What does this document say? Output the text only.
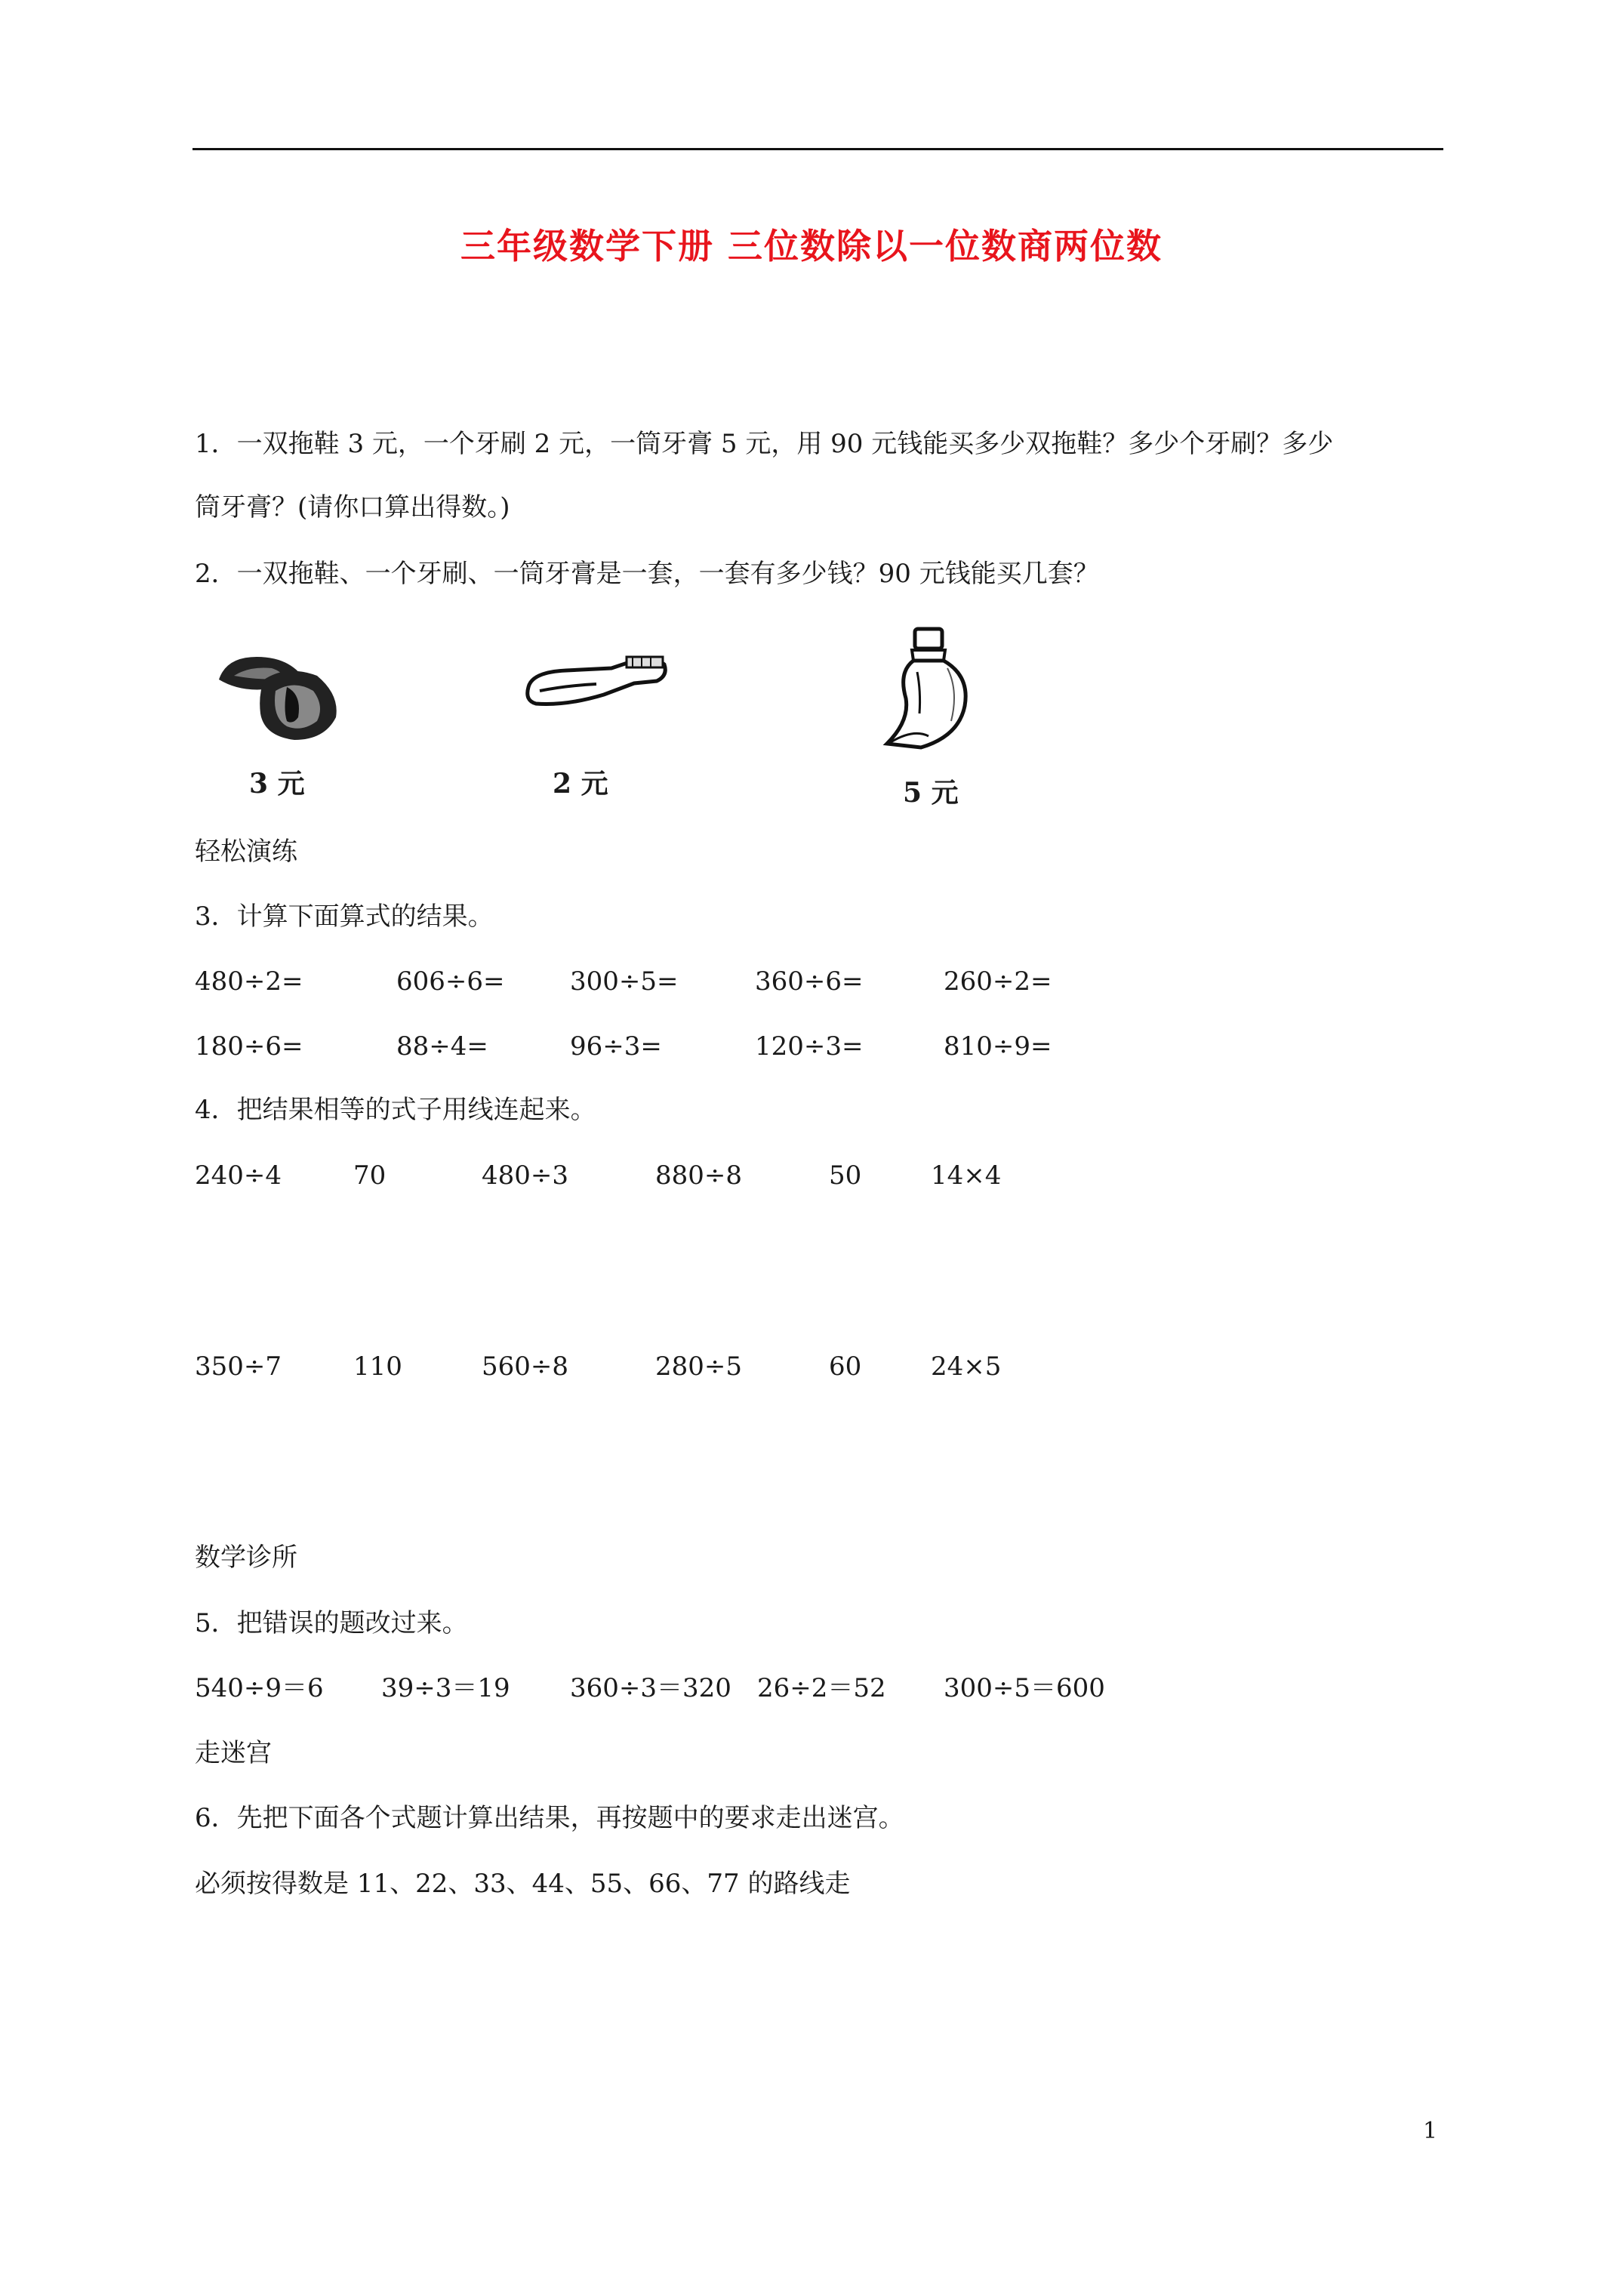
三年级数学下册 三位数除以一位数商两位数
1．一双拖鞋 3 元，一个牙刷 2 元，一筒牙膏 5 元，用 90 元钱能买多少双拖鞋？多少个牙刷？多少
筒牙膏？(请你口算出得数。)
2．一双拖鞋、一个牙刷、一筒牙膏是一套，一套有多少钱？90 元钱能买几套？
3 元	2 元	5 元
轻松演练
3．计算下面算式的结果。
480÷2=	606÷6=	300÷5=	360÷6=	260÷2=
180÷6=	88÷4=	96÷3=	120÷3=	810÷9=
4．把结果相等的式子用线连起来。
240÷4	70	480÷3	880÷8	50	14×4
350÷7	110	560÷8	280÷5	60	24×5
数学诊所
5．把错误的题改过来。
540÷9＝6 39÷3＝19 360÷3＝320 26÷2＝52 300÷5＝600
走迷宫
6．先把下面各个式题计算出结果，再按题中的要求走出迷宫。
必须按得数是 11、22、33、44、55、66、77 的路线走
1
